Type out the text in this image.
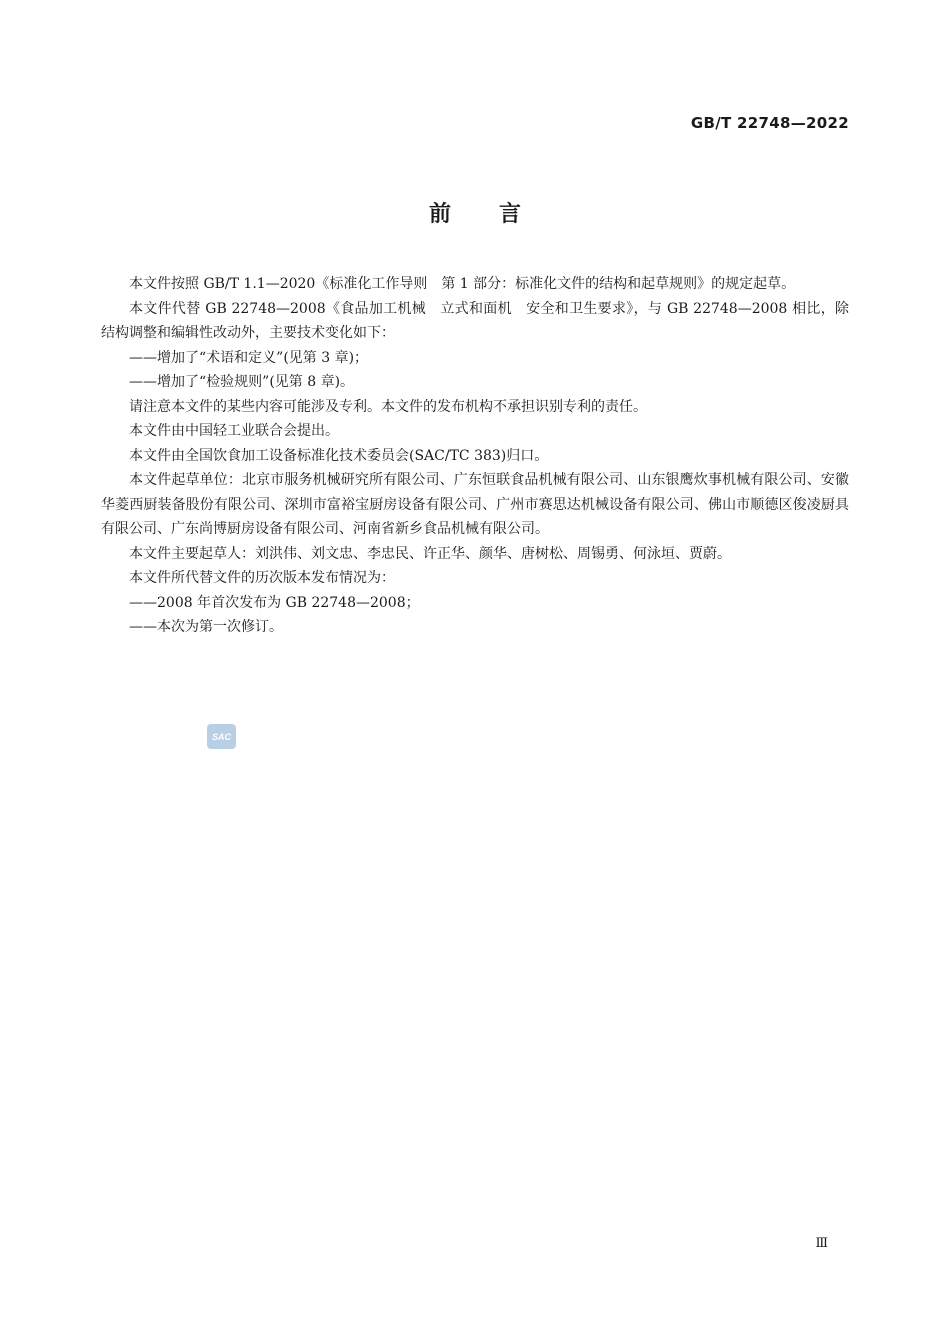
GB/T 22748—2022
前言

本文件按照 GB/T 1.1—2020《标准化工作导则　第 1 部分：标准化文件的结构和起草规则》的规定起草。

本文件代替 GB 22748—2008《食品加工机械　立式和面机　安全和卫生要求》，与 GB 22748—2008 相比，除结构调整和编辑性改动外，主要技术变化如下：

——增加了“术语和定义”(见第 3 章)；

——增加了“检验规则”(见第 8 章)。

请注意本文件的某些内容可能涉及专利。本文件的发布机构不承担识别专利的责任。

本文件由中国轻工业联合会提出。

本文件由全国饮食加工设备标准化技术委员会(SAC/TC 383)归口。

本文件起草单位：北京市服务机械研究所有限公司、广东恒联食品机械有限公司、山东银鹰炊事机械有限公司、安徽华菱西厨装备股份有限公司、深圳市富裕宝厨房设备有限公司、广州市赛思达机械设备有限公司、佛山市顺德区俊凌厨具有限公司、广东尚博厨房设备有限公司、河南省新乡食品机械有限公司。

本文件主要起草人：刘洪伟、刘文忠、李忠民、许正华、颜华、唐树松、周锡勇、何泳垣、贾蔚。

本文件所代替文件的历次版本发布情况为：

——2008 年首次发布为 GB 22748—2008；

——本次为第一次修订。

SAC
Ⅲ
